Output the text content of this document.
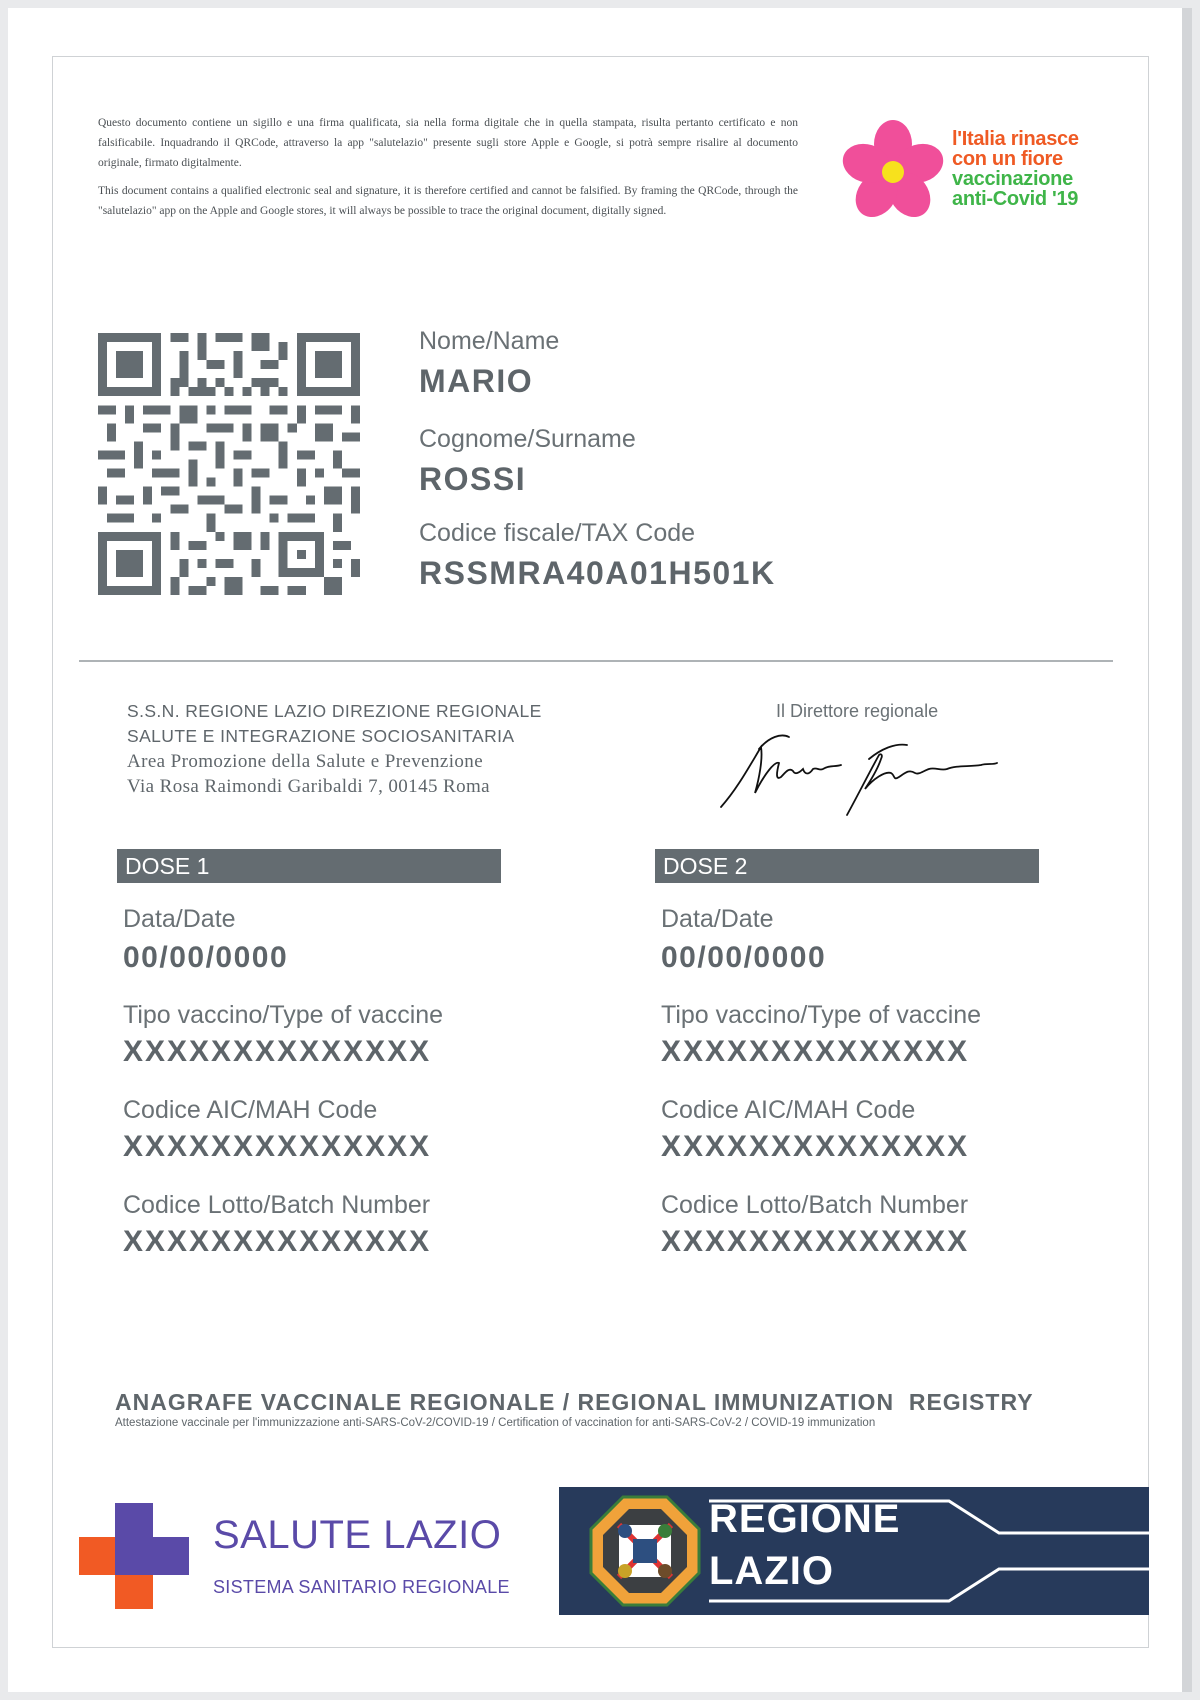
Questo documento contiene un sigillo e una firma qualificata, sia nella forma digitale che in quella stampata, risulta pertanto certificato e non falsificabile. Inquadrando il QRCode, attraverso la app "salutelazio" presente sugli store Apple e Google, si potrà sempre risalire al documento originale, firmato digitalmente.
This document contains a qualified electronic seal and signature, it is therefore certified and cannot be falsified. By framing the QRCode, through the "salutelazio" app on the Apple and Google stores, it will always be possible to trace the original document, digitally signed.
l'Italia rinasce
con un fiore
vaccinazione
anti-Covid '19
Nome/Name
MARIO
Cognome/Surname
ROSSI
Codice fiscale/TAX Code
RSSMRA40A01H501K
S.S.N. REGIONE LAZIO DIREZIONE REGIONALE
SALUTE E INTEGRAZIONE SOCIOSANITARIA
Area Promozione della Salute e Prevenzione
Via Rosa Raimondi Garibaldi 7, 00145 Roma
Il Direttore regionale
DOSE 1
Data/Date
00/00/0000
Tipo vaccino/Type of vaccine
XXXXXXXXXXXXXX
Codice AIC/MAH Code
XXXXXXXXXXXXXX
Codice Lotto/Batch Number
XXXXXXXXXXXXXX
DOSE 2
Data/Date
00/00/0000
Tipo vaccino/Type of vaccine
XXXXXXXXXXXXXX
Codice AIC/MAH Code
XXXXXXXXXXXXXX
Codice Lotto/Batch Number
XXXXXXXXXXXXXX
ANAGRAFE VACCINALE REGIONALE / REGIONAL IMMUNIZATION  REGISTRY
Attestazione vaccinale per l'immunizzazione anti-SARS-CoV-2/COVID-19 / Certification of vaccination for anti-SARS-CoV-2 / COVID-19 immunization
SALUTE LAZIO
SISTEMA SANITARIO REGIONALE
REGIONE
LAZIO
